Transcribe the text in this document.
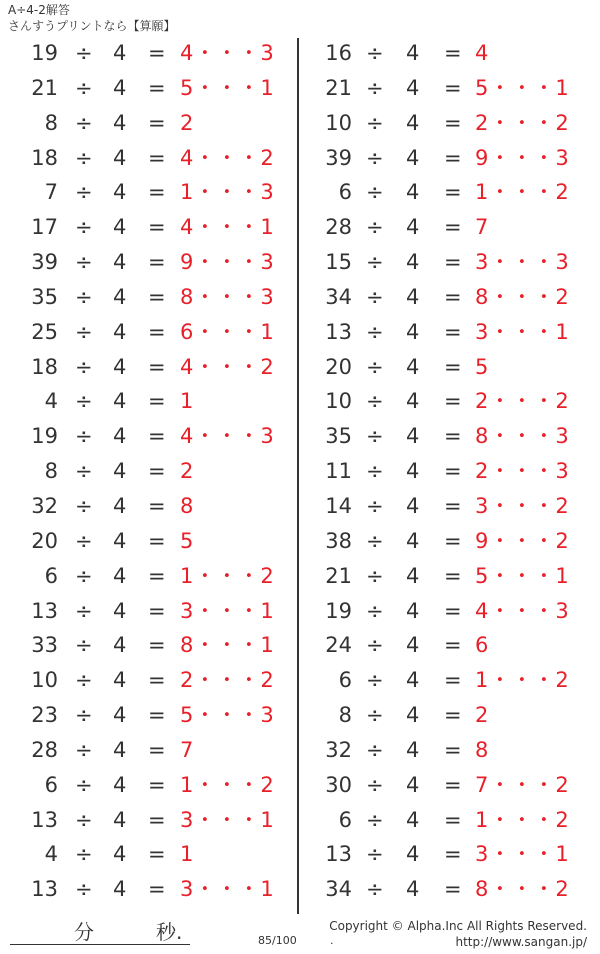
A÷4-2解答
さんすうプリントなら【算願】
19 ÷ 4 = 4・・・3
21 ÷ 4 = 5・・・1
8 ÷ 4 = 2
18 ÷ 4 = 4・・・2
7 ÷ 4 = 1・・・3
17 ÷ 4 = 4・・・1
39 ÷ 4 = 9・・・3
35 ÷ 4 = 8・・・3
25 ÷ 4 = 6・・・1
18 ÷ 4 = 4・・・2
4 ÷ 4 = 1
19 ÷ 4 = 4・・・3
8 ÷ 4 = 2
32 ÷ 4 = 8
20 ÷ 4 = 5
6 ÷ 4 = 1・・・2
13 ÷ 4 = 3・・・1
33 ÷ 4 = 8・・・1
10 ÷ 4 = 2・・・2
23 ÷ 4 = 5・・・3
28 ÷ 4 = 7
6 ÷ 4 = 1・・・2
13 ÷ 4 = 3・・・1
4 ÷ 4 = 1
13 ÷ 4 = 3・・・1
16 ÷ 4 = 4
21 ÷ 4 = 5・・・1
10 ÷ 4 = 2・・・2
39 ÷ 4 = 9・・・3
6 ÷ 4 = 1・・・2
28 ÷ 4 = 7
15 ÷ 4 = 3・・・3
34 ÷ 4 = 8・・・2
13 ÷ 4 = 3・・・1
20 ÷ 4 = 5
10 ÷ 4 = 2・・・2
35 ÷ 4 = 8・・・3
11 ÷ 4 = 2・・・3
14 ÷ 4 = 3・・・2
38 ÷ 4 = 9・・・2
21 ÷ 4 = 5・・・1
19 ÷ 4 = 4・・・3
24 ÷ 4 = 6
6 ÷ 4 = 1・・・2
8 ÷ 4 = 2
32 ÷ 4 = 8
30 ÷ 4 = 7・・・2
6 ÷ 4 = 1・・・2
13 ÷ 4 = 3・・・1
34 ÷ 4 = 8・・・2
分	秒.	85/100	.
Copyright © Alpha.Inc All Rights Reserved.
http://www.sangan.jp/
